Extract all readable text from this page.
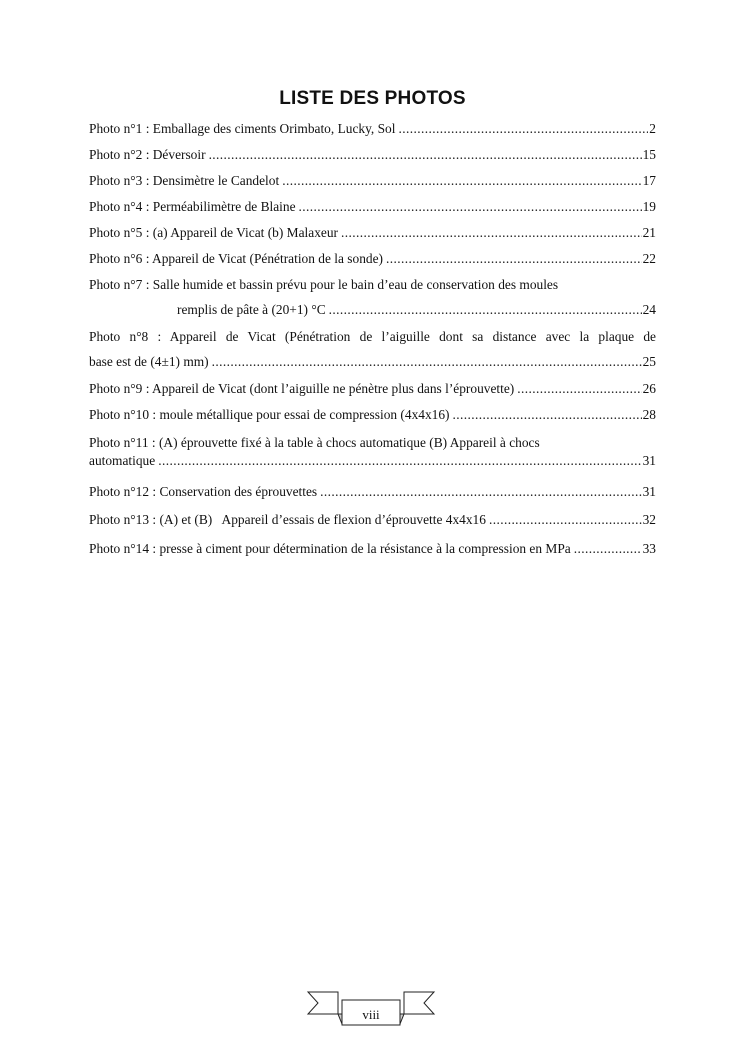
LISTE DES PHOTOS
Photo n°1 : Emballage des ciments Orimbato, Lucky, Sol .....	2
Photo n°2 : Déversoir .....	15
Photo n°3 : Densimètre le Candelot .....	17
Photo n°4 : Perméabilimètre de Blaine .....	19
Photo n°5 : (a) Appareil de Vicat (b) Malaxeur .....	21
Photo n°6 : Appareil de Vicat (Pénétration de la sonde) .....	22
Photo n°7 : Salle humide et bassin prévu pour le bain d’eau de conservation des moules
remplis de pâte à (20+1) °C .....	24
Photo n°8 : Appareil de Vicat (Pénétration de l’aiguille dont sa distance avec la plaque de
base est de (4±1) mm) .....	25
Photo n°9 : Appareil de Vicat (dont l’aiguille ne pénètre plus dans l’éprouvette) .....	26
Photo n°10 : moule métallique pour essai de compression (4x4x16) .....	28
Photo n°11 : (A) éprouvette fixé à la table à chocs automatique (B) Appareil à chocs
automatique .....	31
Photo n°12 : Conservation des éprouvettes .....	31
Photo n°13 : (A) et (B)   Appareil d’essais de flexion d’éprouvette 4x4x16 .....	32
Photo n°14 : presse à ciment pour détermination de la résistance à la compression en MPa .....	33
viii
